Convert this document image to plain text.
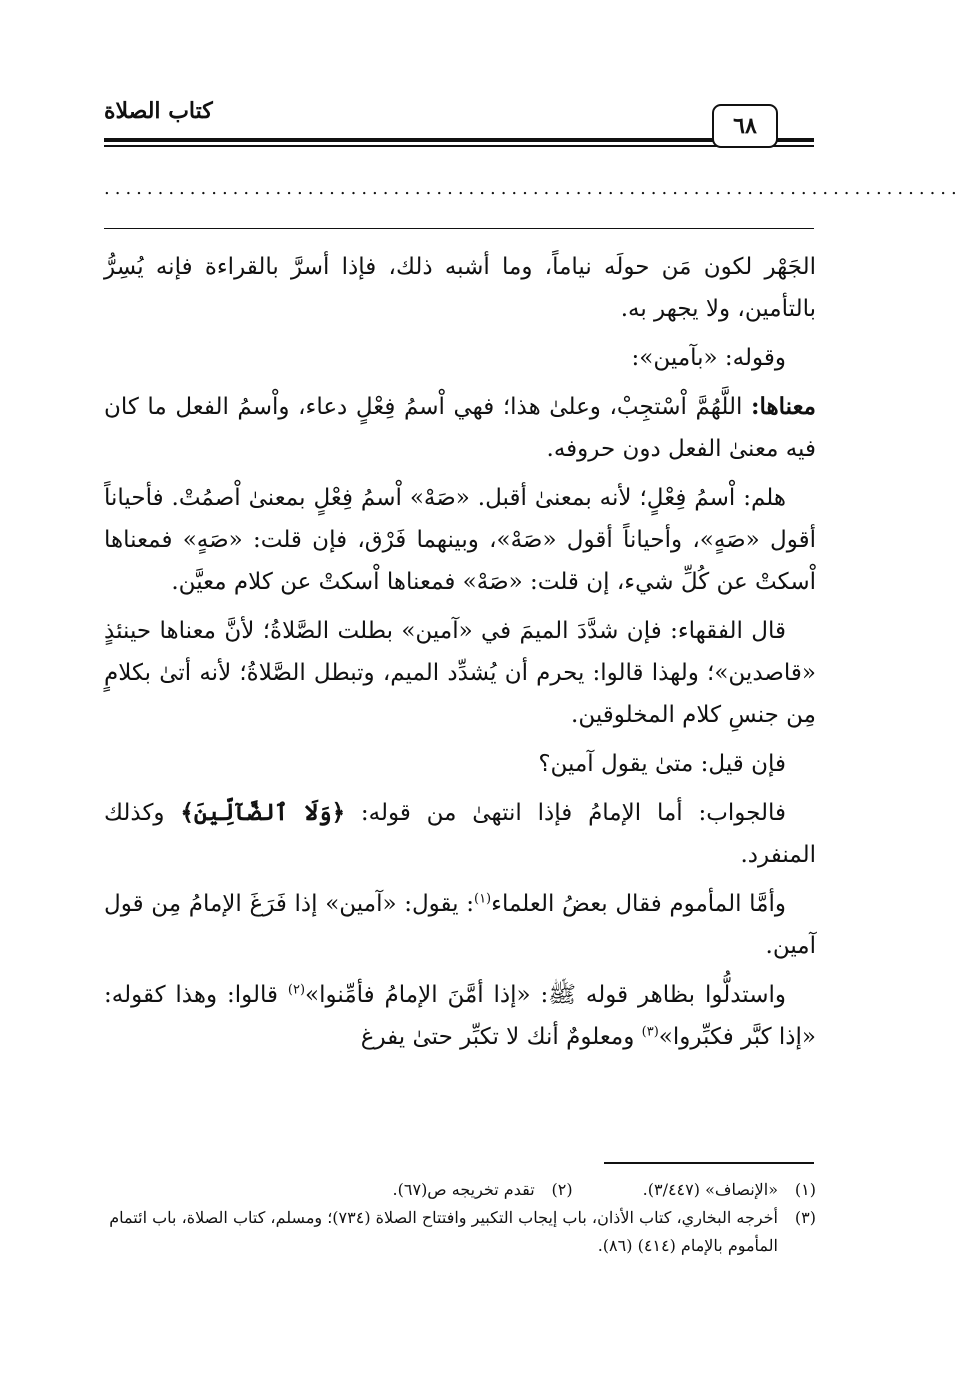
٦٨
كتاب الصلاة
................................................................................

الجَهْر لكون مَن حولَه نياماً، وما أشبه ذلك، فإذا أسرَّ بالقراءة فإنه يُسِرُّ بالتأمين، ولا يجهر به.

وقوله: «بآمين»:

معناها: اللَّهُمَّ اْسْتجِبْ، وعلىٰ هذا؛ فهي اْسمُ فِعْلٍ دعاء، واْسمُ الفعل ما كان فيه معنىٰ الفعل دون حروفه.

هلم: اْسمُ فِعْلٍ؛ لأنه بمعنىٰ أقبل. «صَهْ» اْسمُ فِعْلٍ بمعنىٰ اْصمُتْ. فأحياناً أقول «صَهٍ»، وأحياناً أقول «صَهْ»، وبينهما فَرْق، فإن قلت: «صَهٍ» فمعناها اْسكتْ عن كُلِّ شيء، إن قلت: «صَهْ» فمعناها اْسكتْ عن كلام معيَّن.

قال الفقهاء: فإن شدَّدَ الميمَ في «آمين» بطلت الصَّلاةُ؛ لأنَّ معناها حينئذٍ «قاصدين»؛ ولهذا قالوا: يحرم أن يُشدِّد الميم، وتبطل الصَّلاةُ؛ لأنه أتىٰ بكلامٍ مِن جنسِ كلام المخلوقين.

فإن قيل: متىٰ يقول آمين؟

فالجواب: أما الإمامُ فإذا انتهىٰ من قوله: ﴿وَلَا ٱلضَّآلِّينَ﴾ وكذلك المنفرد.

وأمَّا المأموم فقال بعضُ العلماء$^{(١)}$: يقول: «آمين» إذا فَرَغَ الإمامُ مِن قول آمين.

واستدلُّوا بظاهر قوله ﷺ: «إذا أمَّنَ الإمامُ فأمِّنوا»$^{(٢)}$ قالوا: وهذا كقوله: «إذا كبَّر فكبِّروا»$^{(٣)}$ ومعلومٌ أنك لا تكبِّر حتىٰ يفرغ

(١)«الإنصاف» (٣/٤٤٧).
(٢)تقدم تخريجه ص(٦٧).
(٣)
أخرجه البخاري، كتاب الأذان، باب إيجاب التكبير وافتتاح الصلاة (٧٣٤)؛ ومسلم، كتاب الصلاة، باب ائتمام المأموم بالإمام (٤١٤) (٨٦).
